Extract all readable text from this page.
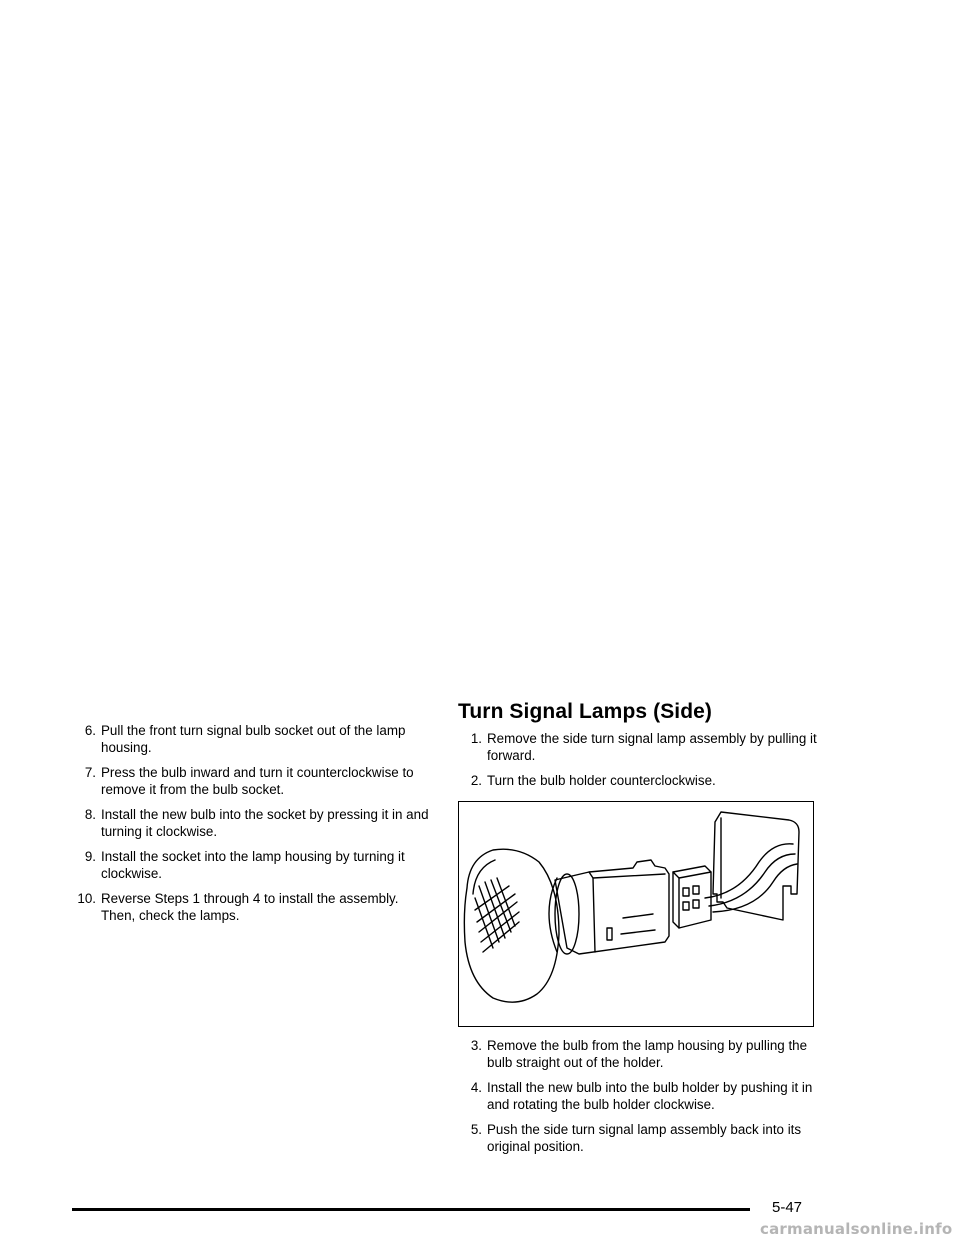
6. Pull the front turn signal bulb socket out of the lamp housing.
7. Press the bulb inward and turn it counterclockwise to remove it from the bulb socket.
8. Install the new bulb into the socket by pressing it in and turning it clockwise.
9. Install the socket into the lamp housing by turning it clockwise.
10. Reverse Steps 1 through 4 to install the assembly. Then, check the lamps.
Turn Signal Lamps (Side)
1. Remove the side turn signal lamp assembly by pulling it forward.
2. Turn the bulb holder counterclockwise.
3. Remove the bulb from the lamp housing by pulling the bulb straight out of the holder.
4. Install the new bulb into the bulb holder by pushing it in and rotating the bulb holder clockwise.
5. Push the side turn signal lamp assembly back into its original position.
5-47
carmanualsonline.info
